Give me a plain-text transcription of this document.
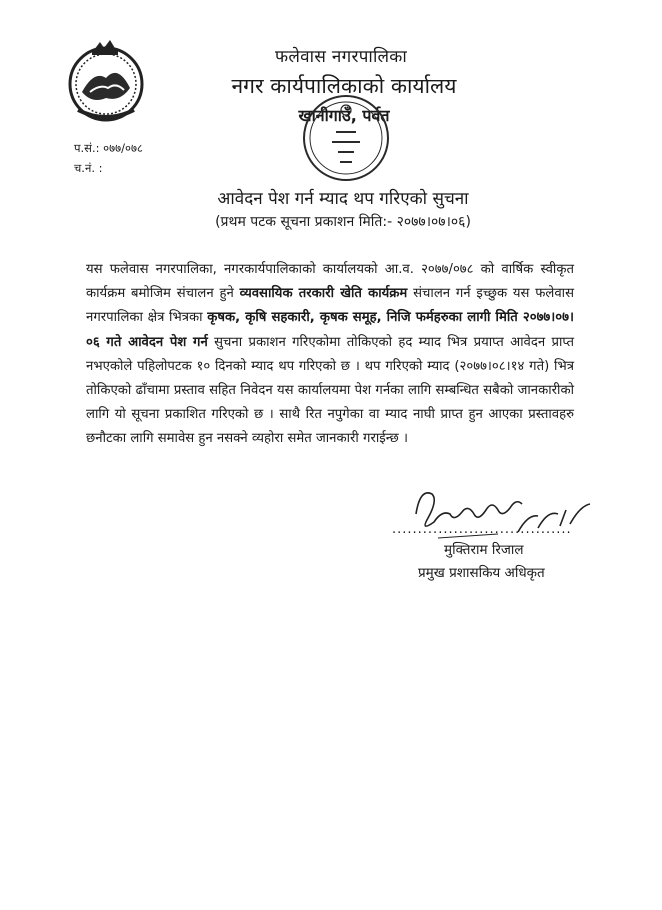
फलेवास नगरपालिका
नगर कार्यपालिकाको कार्यालय
खानीगाउँ, पर्वत
प.सं.: ०७७/०७८
च.नं. :
आवेदन पेश गर्न म्याद थप गरिएको सुचना
(प्रथम पटक सूचना प्रकाशन मिति:- २०७७।०७।०६)
यस फलेवास नगरपालिका, नगरकार्यपालिकाको कार्यालयको आ.व. २०७७/०७८ को वार्षिक स्वीकृत कार्यक्रम बमोजिम संचालन हुने व्यवसायिक तरकारी खेति कार्यक्रम संचालन गर्न इच्छुक यस फलेवास नगरपालिका क्षेत्र भित्रका कृषक, कृषि सहकारी, कृषक समूह, निजि फर्महरुका लागी मिति २०७७।०७।०६ गते आवेदन पेश गर्न सुचना प्रकाशन गरिएकोमा तोकिएको हद म्याद भित्र प्रयाप्त आवेदन प्राप्त नभएकोले पहिलोपटक १० दिनको म्याद थप गरिएको छ । थप गरिएको म्याद (२०७७।०८।१४ गते) भित्र तोकिएको ढाँचामा प्रस्ताव सहित निवेदन यस कार्यालयमा पेश गर्नका लागि सम्बन्धित सबैको जानकारीको लागि यो सूचना प्रकाशित गरिएको छ । साथै रित नपुगेका वा म्याद नाघी प्राप्त हुन आएका प्रस्तावहरु छनौटका लागि समावेस हुन नसक्ने व्यहोरा समेत जानकारी गराईन्छ ।
...................................
मुक्तिराम रिजाल
प्रमुख प्रशासकिय अधिकृत
